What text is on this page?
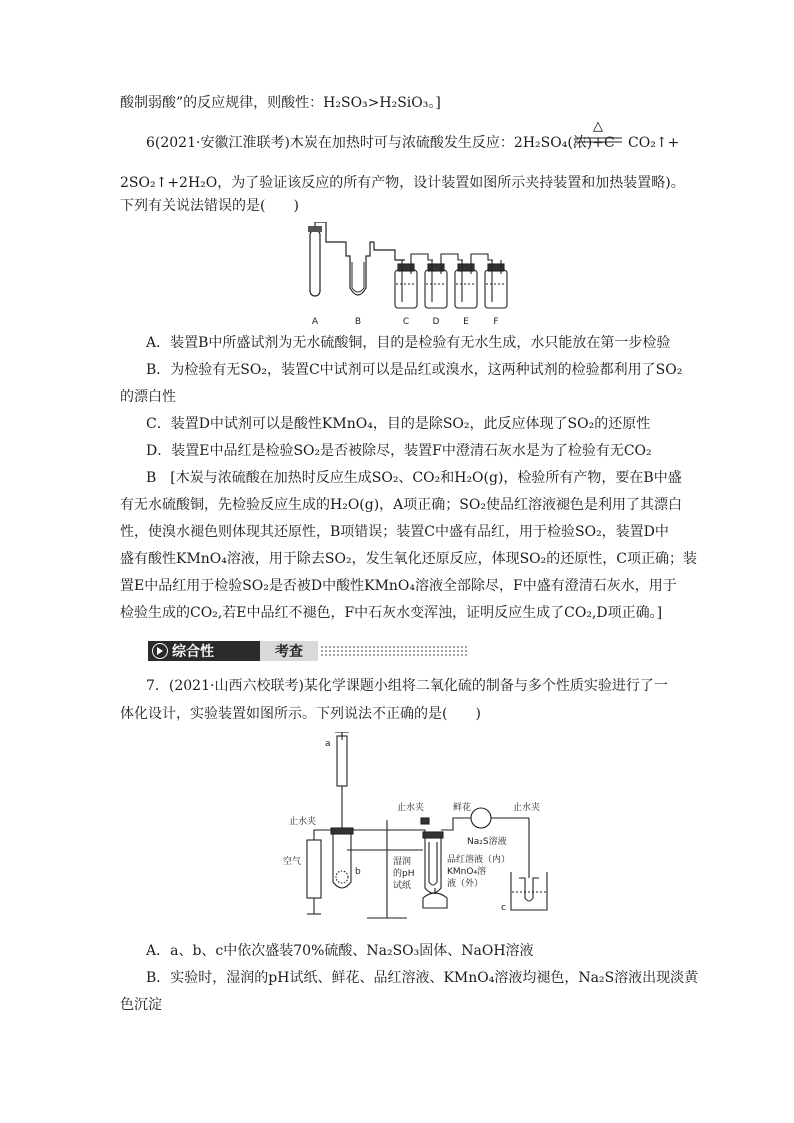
酸制弱酸”的反应规律，则酸性：H₂SO₃>H₂SiO₃。]
6(2021·安徽江淮联考)木炭在加热时可与浓硫酸发生反应：2H₂SO₄(浓)+C
△
CO₂↑+
2SO₂↑+2H₂O，为了验证该反应的所有产物，设计装置如图所示夹持装置和加热装置略)。
下列有关说法错误的是(　　)
A	B	C	D	E	F
A．装置B中所盛试剂为无水硫酸铜，目的是检验有无水生成，水只能放在第一步检验
B．为检验有无SO₂，装置C中试剂可以是品红或溴水，这两种试剂的检验都利用了SO₂
的漂白性
C．装置D中试剂可以是酸性KMnO₄，目的是除SO₂，此反应体现了SO₂的还原性
D．装置E中品红是检验SO₂是否被除尽，装置F中澄清石灰水是为了检验有无CO₂
B　[木炭与浓硫酸在加热时反应生成SO₂、CO₂和H₂O(g)，检验所有产物，要在B中盛
有无水硫酸铜，先检验反应生成的H₂O(g)，A项正确；SO₂使品红溶液褪色是利用了其漂白
性，使溴水褪色则体现其还原性，B项错误；装置C中盛有品红，用于检验SO₂，装置D中
盛有酸性KMnO₄溶液，用于除去SO₂，发生氧化还原反应，体现SO₂的还原性，C项正确；装
置E中品红用于检验SO₂是否被D中酸性KMnO₄溶液全部除尽，F中盛有澄清石灰水，用于
检验生成的CO₂,若E中品红不褪色，F中石灰水变浑浊，证明反应生成了CO₂,D项正确。]
综合性	考查
7．(2021·山西六校联考)某化学课题小组将二氧化硫的制备与多个性质实验进行了一
体化设计，实验装置如图所示。下列说法不正确的是(　　)
a
b
c
止水夹
止水夹	止水夹
空气
鲜花
Na₂S溶液
湿润
的pH
试纸
品红溶液（内）
KMnO₄溶
液（外）
A．a、b、c中依次盛装70%硫酸、Na₂SO₃固体、NaOH溶液
B．实验时，湿润的pH试纸、鲜花、品红溶液、KMnO₄溶液均褪色，Na₂S溶液出现淡黄
色沉淀
